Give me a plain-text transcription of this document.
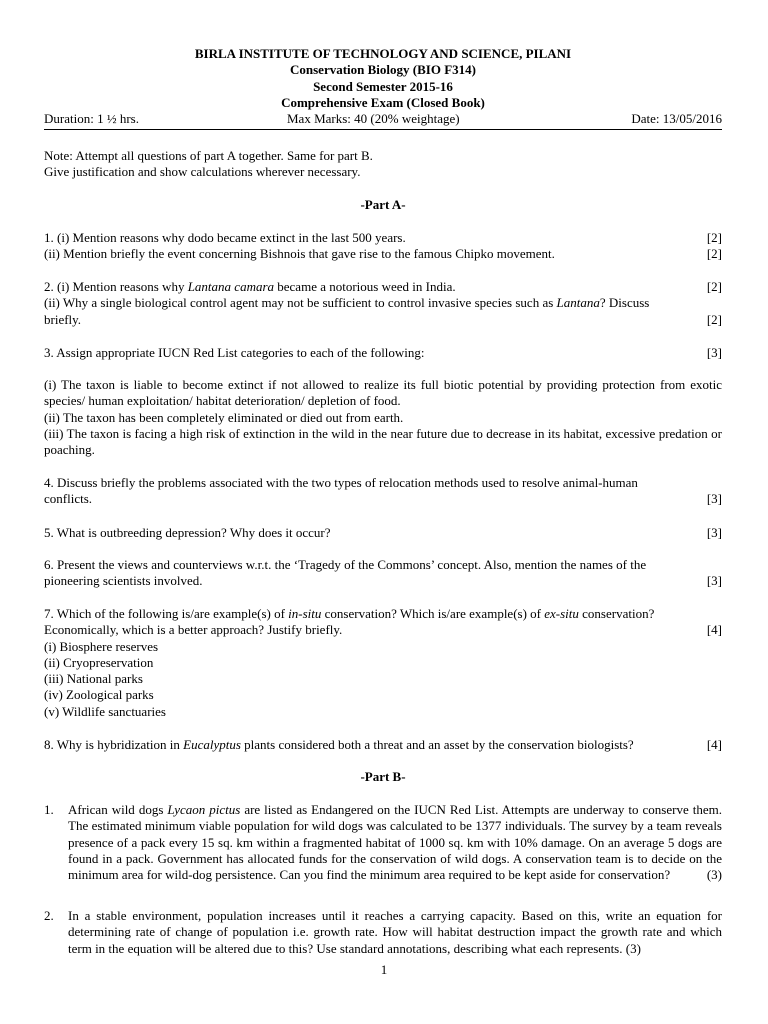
BIRLA INSTITUTE OF TECHNOLOGY AND SCIENCE, PILANI
Conservation Biology (BIO F314)
Second Semester 2015-16
Comprehensive Exam (Closed Book)
Duration: 1 ½ hrs.	Max Marks: 40 (20% weightage)	Date: 13/05/2016
Note: Attempt all questions of part A together. Same for part B.
Give justification and show calculations wherever necessary.
-Part A-
1. (i) Mention reasons why dodo became extinct in the last 500 years.	[2]
(ii) Mention briefly the event concerning Bishnois that gave rise to the famous Chipko movement.	[2]
2. (i) Mention reasons why Lantana camara became a notorious weed in India.	[2]
(ii) Why a single biological control agent may not be sufficient to control invasive species such as Lantana? Discuss briefly.	[2]
3. Assign appropriate IUCN Red List categories to each of the following:	[3]
(i) The taxon is liable to become extinct if not allowed to realize its full biotic potential by providing protection from exotic species/ human exploitation/ habitat deterioration/ depletion of food.
(ii) The taxon has been completely eliminated or died out from earth.
(iii) The taxon is facing a high risk of extinction in the wild in the near future due to decrease in its habitat, excessive predation or poaching.
4. Discuss briefly the problems associated with the two types of relocation methods used to resolve animal-human conflicts.	[3]
5. What is outbreeding depression? Why does it occur?	[3]
6. Present the views and counterviews w.r.t. the ‘Tragedy of the Commons’ concept. Also, mention the names of the pioneering scientists involved.	[3]
7. Which of the following is/are example(s) of in-situ conservation? Which is/are example(s) of ex-situ conservation? Economically, which is a better approach? Justify briefly.	[4]
(i) Biosphere reserves
(ii) Cryopreservation
(iii) National parks
(iv) Zoological parks
(v) Wildlife sanctuaries
8. Why is hybridization in Eucalyptus plants considered both a threat and an asset by the conservation biologists?	[4]
-Part B-
1. African wild dogs Lycaon pictus are listed as Endangered on the IUCN Red List. Attempts are underway to conserve them. The estimated minimum viable population for wild dogs was calculated to be 1377 individuals. The survey by a team reveals presence of a pack every 15 sq. km within a fragmented habitat of 1000 sq. km with 10% damage. On an average 5 dogs are found in a pack. Government has allocated funds for the conservation of wild dogs. A conservation team is to decide on the minimum area for wild-dog persistence. Can you find the minimum area required to be kept aside for conservation?	(3)
2. In a stable environment, population increases until it reaches a carrying capacity. Based on this, write an equation for determining rate of change of population i.e. growth rate. How will habitat destruction impact the growth rate and which term in the equation will be altered due to this? Use standard annotations, describing what each represents. (3)
1
